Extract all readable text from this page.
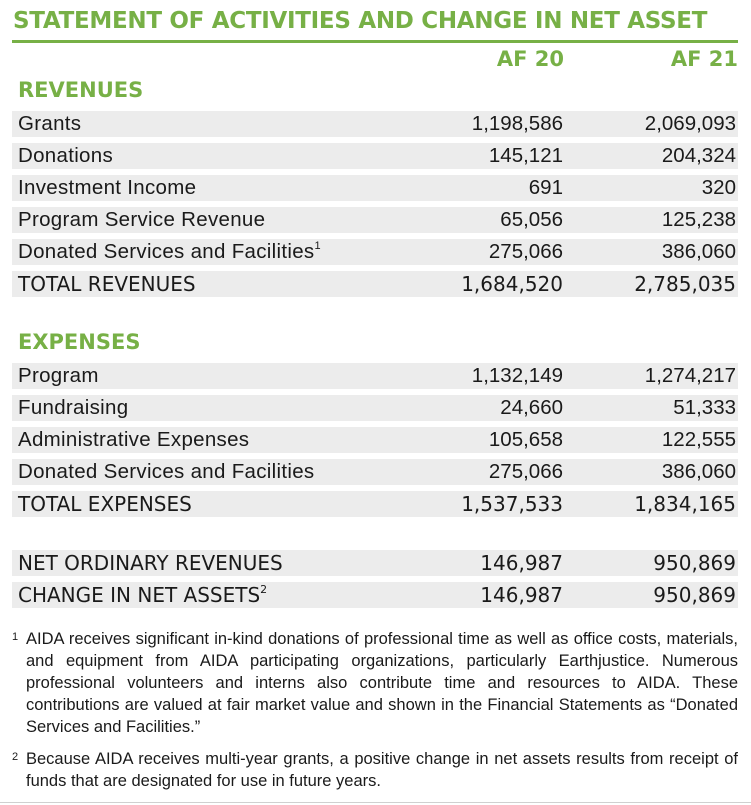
STATEMENT OF ACTIVITIES AND CHANGE IN NET ASSET
AF 20	AF 21
REVENUES
Grants	1,198,586	2,069,093
Donations	145,121	204,324
Investment Income	691	320
Program Service Revenue	65,056	125,238
Donated Services and Facilities$^1$	275,066	386,060
TOTAL REVENUES	1,684,520	2,785,035
EXPENSES
Program	1,132,149	1,274,217
Fundraising	24,660	51,333
Administrative Expenses	105,658	122,555
Donated Services and Facilities	275,066	386,060
TOTAL EXPENSES	1,537,533	1,834,165
NET ORDINARY REVENUES	146,987	950,869
CHANGE IN NET ASSETS$^2$	146,987	950,869
1 AIDA receives significant in-kind donations of professional time as well as office costs, materials, and equipment from AIDA participating organizations, particularly Earthjustice. Numerous professional volunteers and interns also contribute time and resources to AIDA. These contributions are valued at fair market value and shown in the Financial Statements as “Donated Services and Facilities.”
2 Because AIDA receives multi-year grants, a positive change in net assets results from receipt of funds that are designated for use in future years.
